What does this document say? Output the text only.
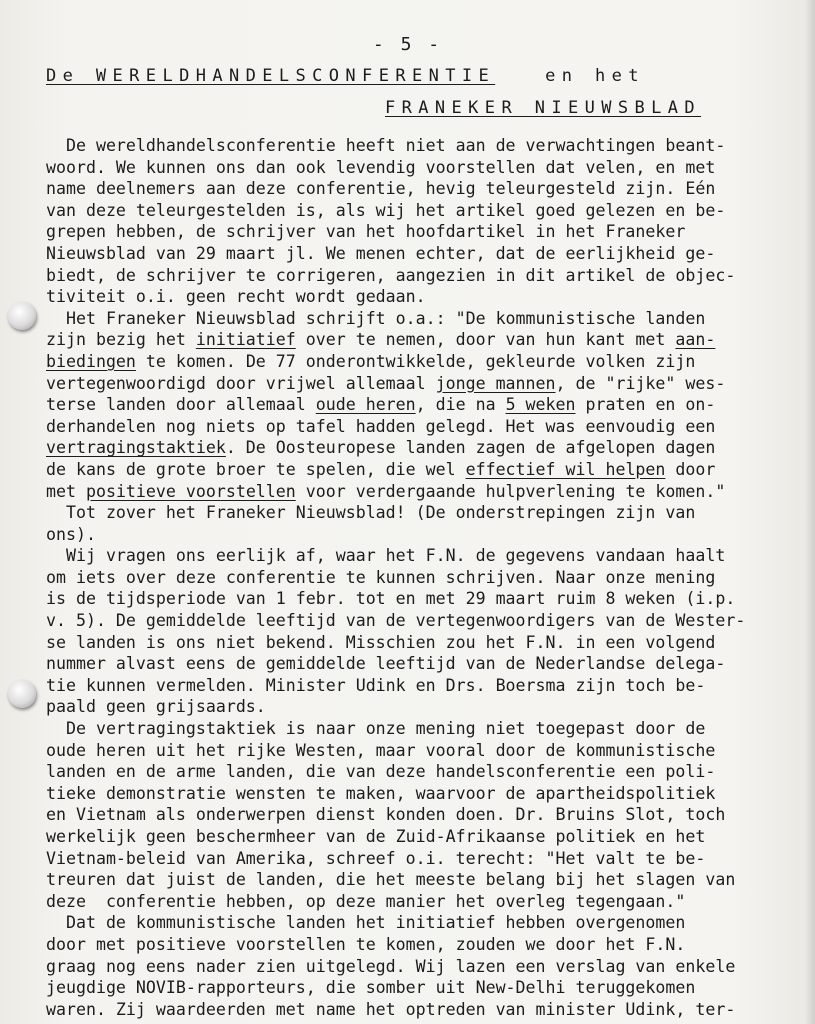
- 5 -
De WERELDHANDELSCONFERENTIE	en het
FRANEKER NIEUWSBLAD
De wereldhandelsconferentie heeft niet aan de verwachtingen beant-
woord. We kunnen ons dan ook levendig voorstellen dat velen, en met
name deelnemers aan deze conferentie, hevig teleurgesteld zijn. Eén
van deze teleurgestelden is, als wij het artikel goed gelezen en be-
grepen hebben, de schrijver van het hoofdartikel in het Franeker
Nieuwsblad van 29 maart jl. We menen echter, dat de eerlijkheid ge-
biedt, de schrijver te corrigeren, aangezien in dit artikel de objec-
tiviteit o.i. geen recht wordt gedaan.
Het Franeker Nieuwsblad schrijft o.a.: "De kommunistische landen
zijn bezig het initiatief over te nemen, door van hun kant met aan-
biedingen te komen. De 77 onderontwikkelde, gekleurde volken zijn
vertegenwoordigd door vrijwel allemaal jonge mannen, de "rijke" wes-
terse landen door allemaal oude heren, die na 5 weken praten en on-
derhandelen nog niets op tafel hadden gelegd. Het was eenvoudig een
vertragingstaktiek. De Oosteuropese landen zagen de afgelopen dagen
de kans de grote broer te spelen, die wel effectief wil helpen door
met positieve voorstellen voor verdergaande hulpverlening te komen."
Tot zover het Franeker Nieuwsblad! (De onderstrepingen zijn van
ons).
Wij vragen ons eerlijk af, waar het F.N. de gegevens vandaan haalt
om iets over deze conferentie te kunnen schrijven. Naar onze mening
is de tijdsperiode van 1 febr. tot en met 29 maart ruim 8 weken (i.p.
v. 5). De gemiddelde leeftijd van de vertegenwoordigers van de Wester-
se landen is ons niet bekend. Misschien zou het F.N. in een volgend
nummer alvast eens de gemiddelde leeftijd van de Nederlandse delega-
tie kunnen vermelden. Minister Udink en Drs. Boersma zijn toch be-
paald geen grijsaards.
De vertragingstaktiek is naar onze mening niet toegepast door de
oude heren uit het rijke Westen, maar vooral door de kommunistische
landen en de arme landen, die van deze handelsconferentie een poli-
tieke demonstratie wensten te maken, waarvoor de apartheidspolitiek
en Vietnam als onderwerpen dienst konden doen. Dr. Bruins Slot, toch
werkelijk geen beschermheer van de Zuid-Afrikaanse politiek en het
Vietnam-beleid van Amerika, schreef o.i. terecht: "Het valt te be-
treuren dat juist de landen, die het meeste belang bij het slagen van
deze  conferentie hebben, op deze manier het overleg tegengaan."
Dat de kommunistische landen het initiatief hebben overgenomen
door met positieve voorstellen te komen, zouden we door het F.N.
graag nog eens nader zien uitgelegd. Wij lazen een verslag van enkele
jeugdige NOVIB-rapporteurs, die somber uit New-Delhi teruggekomen
waren. Zij waardeerden met name het optreden van minister Udink, ter-
